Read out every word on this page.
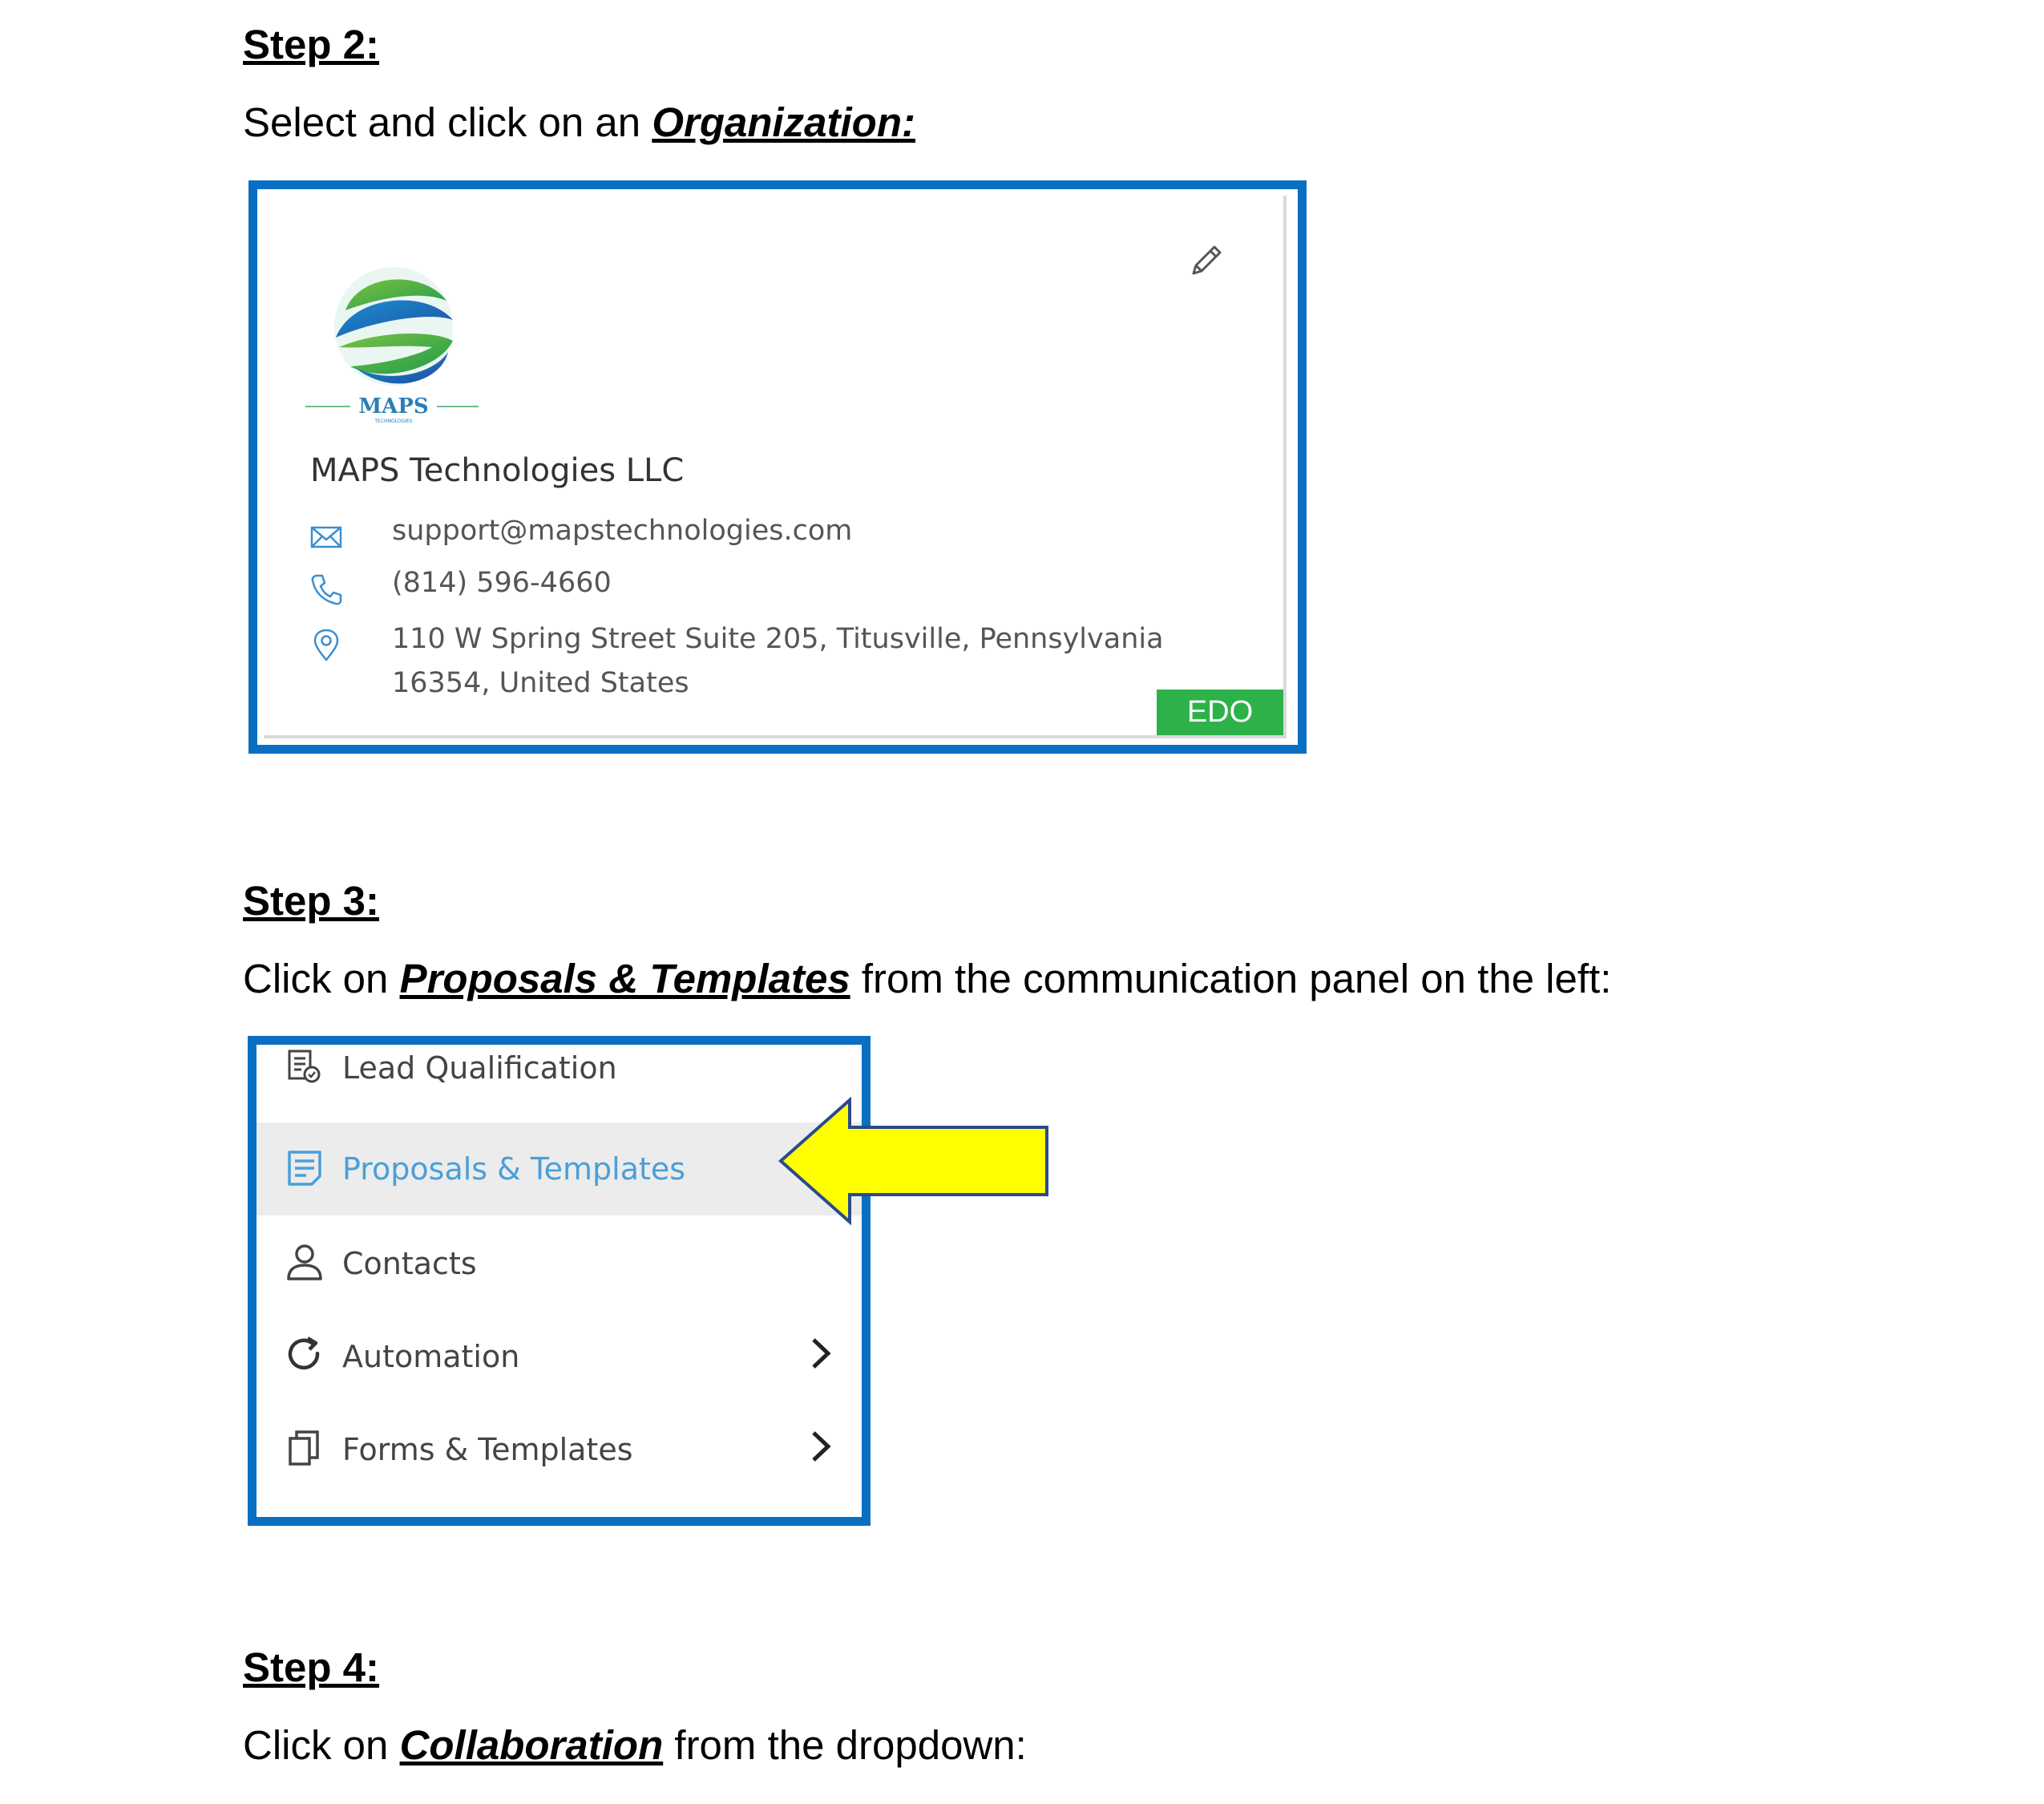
Step 2:

Select and click on an Organization:

MAPS
TECHNOLOGIES
MAPS Technologies LLC
support@mapstechnologies.com
(814) 596-4660
110 W Spring Street Suite 205, Titusville, Pennsylvania
16354, United States
EDO
Step 3:

Click on Proposals & Templates from the communication panel on the left:

Lead Qualification
Proposals & Templates
Contacts
Automation
Forms & Templates
Step 4:

Click on Collaboration from the dropdown:
